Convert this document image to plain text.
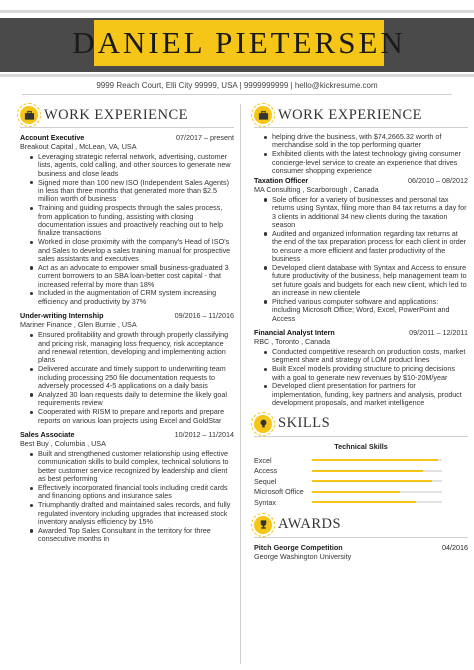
DANIEL PIETERSEN
9999 Reach Court, Elli City 99999, USA | 9999999999 | hello@kickresume.com
WORK EXPERIENCE
Account Executive	07/2017 – present
Breakout Capital , McLean, VA, USA
Leveraging strategic referral network, advertising, customer lists, agents, cold calling, and other sources to generate new business and close leads
Signed more than 100 new ISO (Independent Sales Agents) in less than three months that generated more than $2.5 million worth of business
Training and guiding prospects through the sales process, from application to funding, assisting with closing documentation issues and proactively reaching out to help finalize transactions
Worked in close proximity with the company's Head of ISO's and Sales to develop a sales training manual for prospective sales assistants and executives
Act as an advocate to empower small business-graduated 3 current borrowers to an SBA loan-better cost capital - that increased referral by more than 18%
Included in the augmentation of CRM system increasing efficiency and productivity by 37%
Under-writing Internship	09/2016 – 11/2016
Mariner Finance , Glen Burnie , USA
Ensured profitability and growth through properly classifying and pricing risk, managing loss frequency, risk acceptance and renewal retention, developing and implementing action plans
Delivered accurate and timely support to underwriting team including processing 250 file documentation requests to adversely processed 4-5 applications on a daily basis
Analyzed 30 loan requests daily to determine the likely goal requirements review
Cooperated with RISM to prepare and reports and prepare reports on various loan projects using Excel and GoldStar
Sales Associate	10/2012 – 11/2014
Best Buy , Columbia , USA
Built and strengthened customer relationship using effective communication skills to build complex, technical solutions to better customer service recognized by leadership and client as best performing
Effectively incorporated financial tools including credit cards and financing options and insurance sales
Triumphantly drafted and maintained sales records, and fully regulated inventory including upgrades that increased stock inventory analysis efficiency by 15%
Awarded Top Sales Consultant in the territory for three consecutive months in
WORK EXPERIENCE
helping drive the business, with $74,2665.32 worth of merchandise sold in the top performing quarter
Exhibited clients with the latest technology giving consumer concierge-level service to create an experience that drives consumer shopping experience
Taxation Officer	06/2010 – 08/2012
MA Consulting , Scarborough , Canada
Sole officer for a variety of businesses and personal tax returns using Syntax, filing more than 84 tax returns a day for 3 clients in additional 34 new clients during the taxation season
Audited and organized information regarding tax returns at the end of the tax preparation process for each client in order to ensure a more efficient and faster productivity of the business
Developed client database with Syntax and Access to ensure future productivity of the business, help management team to set future goals and budgets for each new client, which led to an increase in new clientele
Pitched various computer software and applications: including Microsoft Office; Word, Excel, PowerPoint and Access
Financial Analyst Intern	09/2011 – 12/2011
RBC , Toronto , Canada
Conducted competitive research on production costs, market segment share and strategy of LOM product lines
Built Excel models providing structure to pricing decisions with a goal to generate new revenues by $10-20M/year
Developed client presentation for partners for implementation, funding, key partners and analysis, product development proposals, and market intelligence
SKILLS
Technical Skills
Excel
Access
Sequel
Microsoft Office
Syntax
AWARDS
Pitch George Competition	04/2016
George Washington University
